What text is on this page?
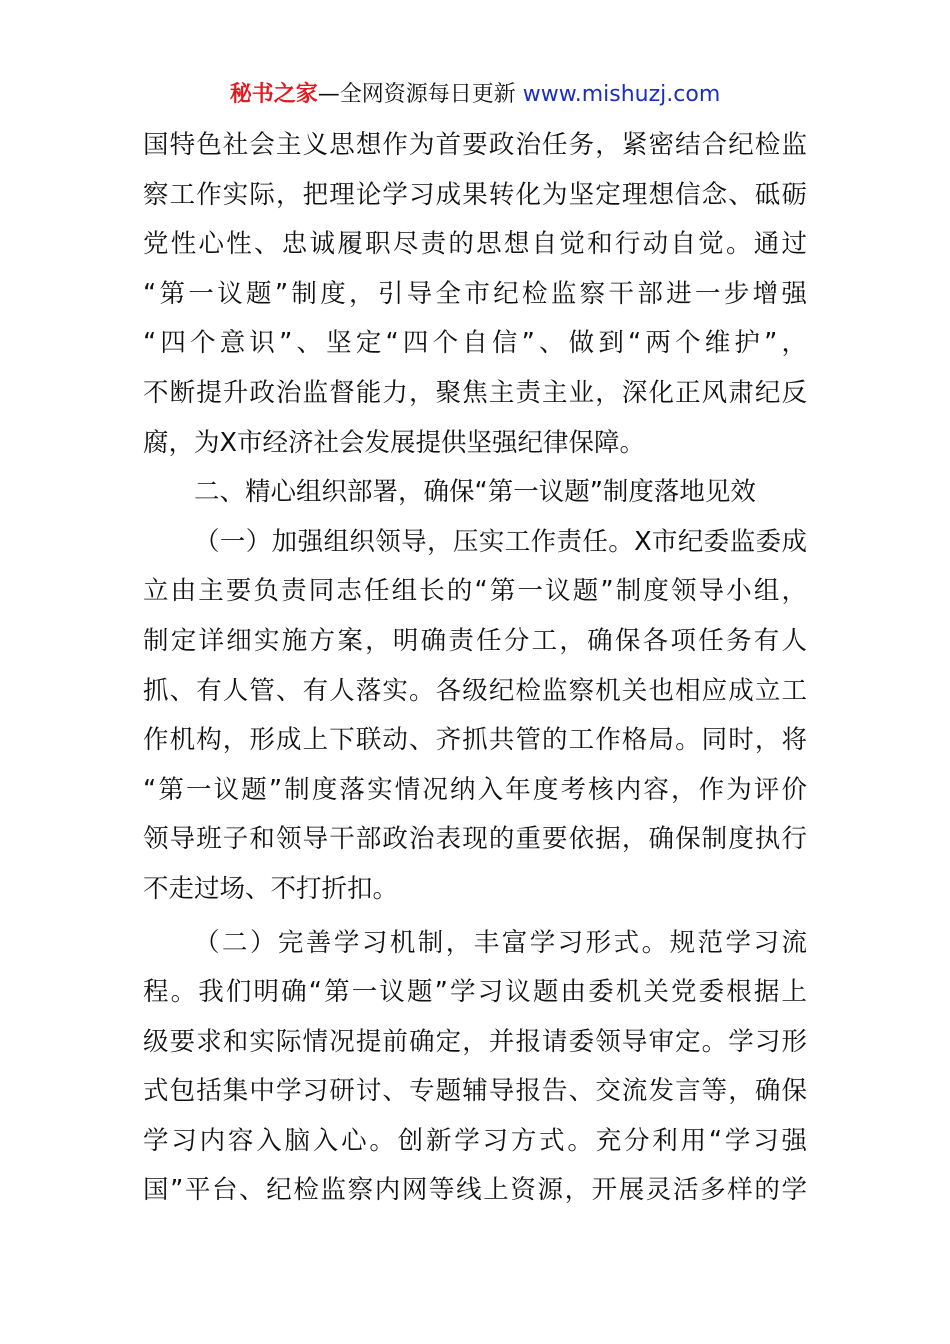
秘书之家—全网资源每日更新 www.mishuzj.com
国特色社会主义思想作为首要政治任务，紧密结合纪检监
察工作实际，把理论学习成果转化为坚定理想信念、砥砺
党性心性、忠诚履职尽责的思想自觉和行动自觉。通过
“第一议题”制度，引导全市纪检监察干部进一步增强
“四个意识”、坚定“四个自信”、做到“两个维护”，
不断提升政治监督能力，聚焦主责主业，深化正风肃纪反
腐，为X市经济社会发展提供坚强纪律保障。
二、精心组织部署，确保“第一议题”制度落地见效
（一）加强组织领导，压实工作责任。X市纪委监委成
立由主要负责同志任组长的“第一议题”制度领导小组，
制定详细实施方案，明确责任分工，确保各项任务有人
抓、有人管、有人落实。各级纪检监察机关也相应成立工
作机构，形成上下联动、齐抓共管的工作格局。同时，将
“第一议题”制度落实情况纳入年度考核内容，作为评价
领导班子和领导干部政治表现的重要依据，确保制度执行
不走过场、不打折扣。
（二）完善学习机制，丰富学习形式。规范学习流
程。我们明确“第一议题”学习议题由委机关党委根据上
级要求和实际情况提前确定，并报请委领导审定。学习形
式包括集中学习研讨、专题辅导报告、交流发言等，确保
学习内容入脑入心。创新学习方式。充分利用“学习强
国”平台、纪检监察内网等线上资源，开展灵活多样的学
